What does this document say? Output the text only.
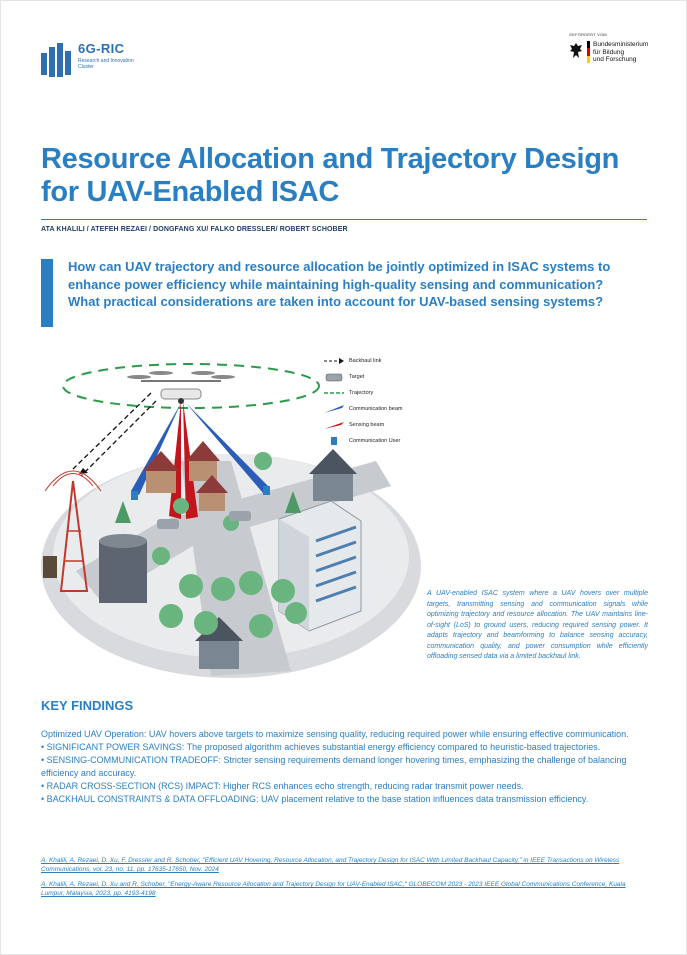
6G-RIC
Research and Innovation Cluster
GEFÖRDERT VOM
Bundesministerium
für Bildung
und Forschung
Resource Allocation and Trajectory Design for UAV-Enabled ISAC
ATA KHALILI / ATEFEH REZAEI / DONGFANG XU/ FALKO DRESSLER/ ROBERT SCHOBER

How can UAV trajectory and resource allocation be jointly optimized in ISAC systems to enhance power efficiency while maintaining high-quality sensing and communication? What practical considerations are taken into account for UAV-based sensing systems?

Backhaul link
Target
Trajectory
Communication beam
Sensing beam
Communication User

A UAV-enabled ISAC system where a UAV hovers over multiple targets, transmitting sensing and communication signals while optimizing trajectory and resource allocation. The UAV maintains line-of-sight (LoS) to ground users, reducing required sensing power. It adapts trajectory and beamforming to balance sensing accuracy, communication quality, and power consumption while efficiently offloading sensed data via a limited backhaul link.

KEY FINDINGS

Optimized UAV Operation: UAV hovers above targets to maximize sensing quality, reducing required power while ensuring effective communication.

• SIGNIFICANT POWER SAVINGS: The proposed algorithm achieves substantial energy efficiency compared to heuristic-based trajectories.

• SENSING-COMMUNICATION TRADEOFF: Stricter sensing requirements demand longer hovering times, emphasizing the challenge of balancing efficiency and accuracy.

• RADAR CROSS-SECTION (RCS) IMPACT: Higher RCS enhances echo strength, reducing radar transmit power needs.

• BACKHAUL CONSTRAINTS & DATA OFFLOADING: UAV placement relative to the base station influences data transmission efficiency.

A. Khalili, A. Rezaei, D. Xu, F. Dressler and R. Schober, "Efficient UAV Hovering, Resource Allocation, and Trajectory Design for ISAC With Limited Backhaul Capacity," in IEEE Transactions on Wireless Communications, vol. 23, no. 11, pp. 17635-17650, Nov. 2024

A. Khalili, A. Rezaei, D. Xu and R. Schober, "Energy-Aware Resource Allocation and Trajectory Design for UAV-Enabled ISAC," GLOBECOM 2023 - 2023 IEEE Global Communications Conference, Kuala Lumpur, Malaysia, 2023, pp. 4193-4198
